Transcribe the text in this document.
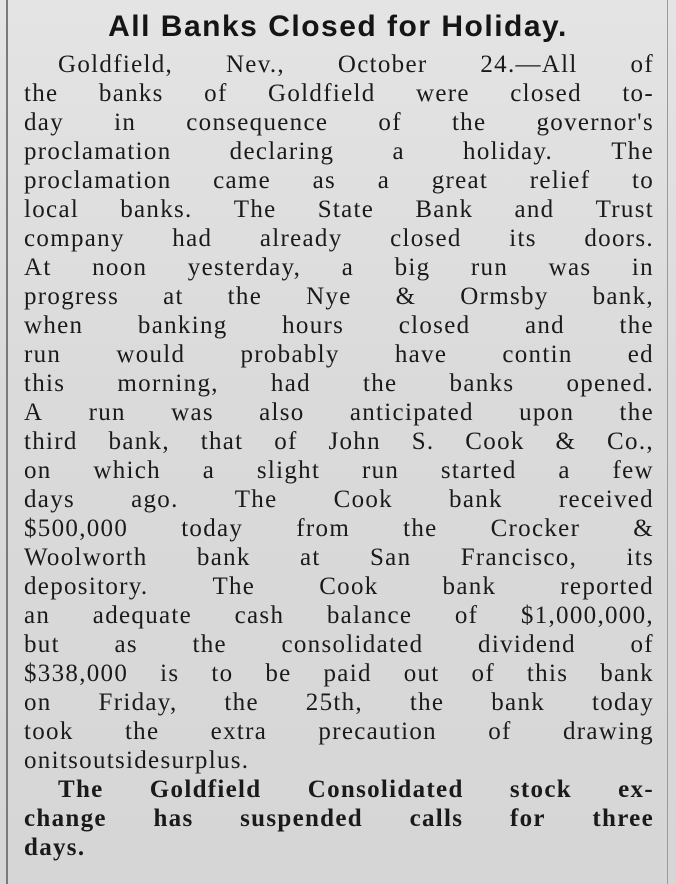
All Banks Closed for Holiday.
Goldfield, Nev., October 24.—All of
the banks of Goldfield were closed to-
day in consequence of the governor's
proclamation declaring a holiday. The
proclamation came as a great relief to
local banks. The State Bank and Trust
company had already closed its doors.
At noon yesterday, a big run was in
progress at the Nye & Ormsby bank,
when banking hours closed and the
run would probably have contin ed
this morning, had the banks opened.
A run was also anticipated upon the
third bank, that of John S. Cook & Co.,
on which a slight run started a few
days ago. The Cook bank received
$500,000 today from the Crocker &
Woolworth bank at San Francisco, its
depository.	The	Cook	bank	reported
an adequate cash balance of $1,000,000,
but as the consolidated dividend of
$338,000 is to be paid out of this bank
on Friday, the 25th, the bank today
took the extra precaution of drawing
on its outside surplus.
The Goldfield Consolidated stock ex-
change has suspended calls for three
days.
